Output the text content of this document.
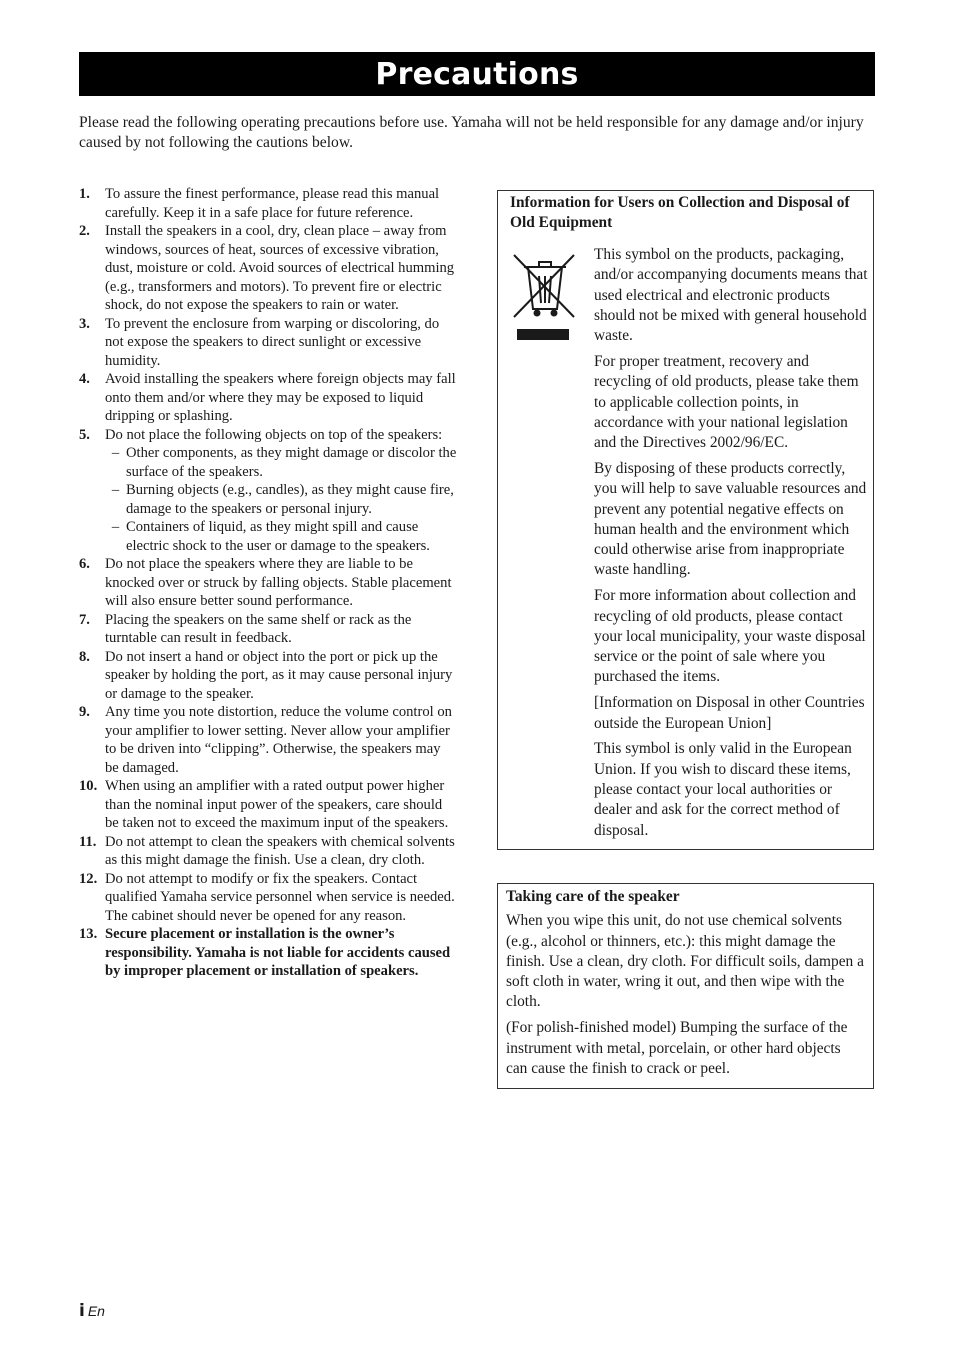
Precautions

Please read the following operating precautions before use. Yamaha will not be held responsible for any damage and/or injury caused by not following the cautions below.

1.	To assure the finest performance, please read this manual carefully. Keep it in a safe place for future reference.
2.	Install the speakers in a cool, dry, clean place – away from windows, sources of heat, sources of excessive vibration, dust, moisture or cold. Avoid sources of electrical humming (e.g., transformers and motors). To prevent fire or electric shock, do not expose the speakers to rain or water.
3.	To prevent the enclosure from warping or discoloring, do not expose the speakers to direct sunlight or excessive humidity.
4.	Avoid installing the speakers where foreign objects may fall onto them and/or where they may be exposed to liquid dripping or splashing.
5.	Do not place the following objects on top of the speakers:
– Other components, as they might damage or discolor the surface of the speakers.
– Burning objects (e.g., candles), as they might cause fire, damage to the speakers or personal injury.
– Containers of liquid, as they might spill and cause electric shock to the user or damage to the speakers.
6.	Do not place the speakers where they are liable to be knocked over or struck by falling objects. Stable placement will also ensure better sound performance.
7.	Placing the speakers on the same shelf or rack as the turntable can result in feedback.
8.	Do not insert a hand or object into the port or pick up the speaker by holding the port, as it may cause personal injury or damage to the speaker.
9.	Any time you note distortion, reduce the volume control on your amplifier to lower setting. Never allow your amplifier to be driven into “clipping”. Otherwise, the speakers may be damaged.
10. When using an amplifier with a rated output power higher than the nominal input power of the speakers, care should be taken not to exceed the maximum input of the speakers.
11. Do not attempt to clean the speakers with chemical solvents as this might damage the finish. Use a clean, dry cloth.
12. Do not attempt to modify or fix the speakers. Contact qualified Yamaha service personnel when service is needed. The cabinet should never be opened for any reason.
13. Secure placement or installation is the owner’s responsibility. Yamaha is not liable for accidents caused by improper placement or installation of speakers.
Information for Users on Collection and Disposal of Old Equipment

This symbol on the products, packaging, and/or accompanying documents means that used electrical and electronic products should not be mixed with general household waste.

For proper treatment, recovery and recycling of old products, please take them to applicable collection points, in accordance with your national legislation and the Directives 2002/96/EC.

By disposing of these products correctly, you will help to save valuable resources and prevent any potential negative effects on human health and the environment which could otherwise arise from inappropriate waste handling.

For more information about collection and recycling of old products, please contact your local municipality, your waste disposal service or the point of sale where you purchased the items.

[Information on Disposal in other Countries outside the European Union]

This symbol is only valid in the European Union. If you wish to discard these items, please contact your local authorities or dealer and ask for the correct method of disposal.

Taking care of the speaker

When you wipe this unit, do not use chemical solvents (e.g., alcohol or thinners, etc.): this might damage the finish. Use a clean, dry cloth. For difficult soils, dampen a soft cloth in water, wring it out, and then wipe with the cloth.

(For polish-finished model) Bumping the surface of the instrument with metal, porcelain, or other hard objects can cause the finish to crack or peel.

i En
